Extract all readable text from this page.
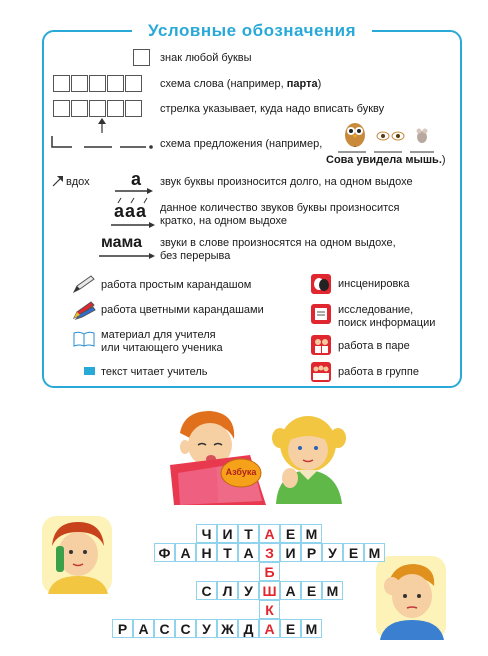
Условные обозначения
знак любой буквы
схема слова (например, парта)
стрелка указывает, куда надо вписать букву
схема предложения (например,
Сова увидела мышь.)
вдох а звук буквы произносится долго, на одном выдохе
ааа данное количество звуков буквы произносится
кратко, на одном выдохе
мама звуки в слове произносятся на одном выдохе,
без перерыва
работа простым карандашом
работа цветными карандашами
материал для учителя
или читающего ученика
текст читает учитель
инсценировка
исследование,
поиск информации
работа в паре
работа в группе
Азбука
Ч И Т А Е М
Ф А Н Т А З И Р У Е М
Б
С Л У Ш А Е М
К
Р А С С У Ж Д А Е М
